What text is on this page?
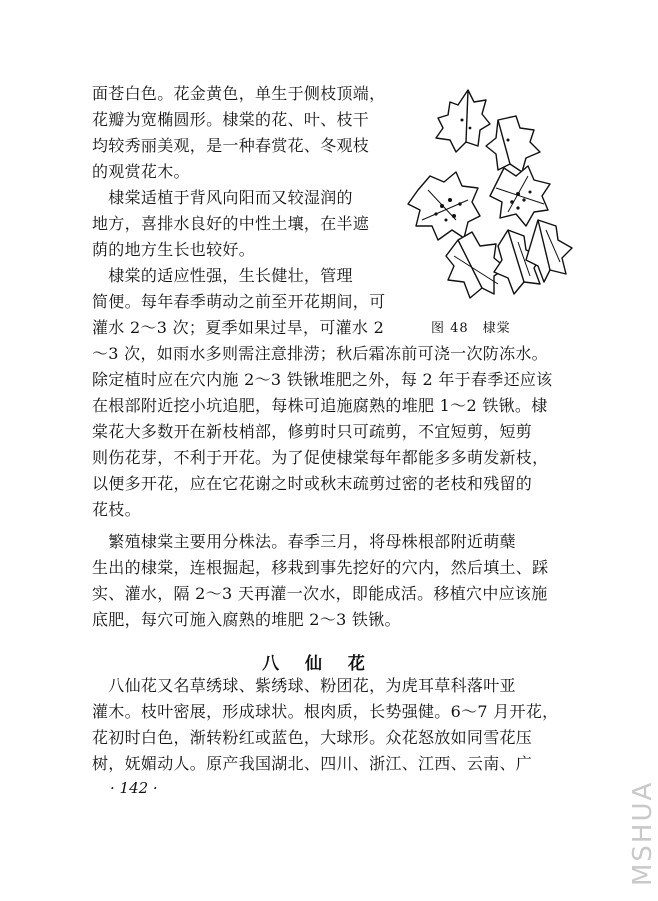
图 48　棣棠
面苍白色。花金黄色，单生于侧枝顶端，
花瓣为宽椭圆形。棣棠的花、叶、枝干
均较秀丽美观，是一种春赏花、冬观枝
的观赏花木。
　棣棠适植于背风向阳而又较湿润的
地方，喜排水良好的中性土壤，在半遮
荫的地方生长也较好。
　棣棠的适应性强，生长健壮，管理
简便。每年春季萌动之前至开花期间，可
灌水 2～3 次；夏季如果过旱，可灌水 2
～3 次，如雨水多则需注意排涝；秋后霜冻前可浇一次防冻水。
除定植时应在穴内施 2～3 铁锹堆肥之外，每 2 年于春季还应该
在根部附近挖小坑追肥，每株可追施腐熟的堆肥 1～2 铁锹。棣
棠花大多数开在新枝梢部，修剪时只可疏剪，不宜短剪，短剪
则伤花芽，不利于开花。为了促使棣棠每年都能多多萌发新枝，
以便多开花，应在它花谢之时或秋末疏剪过密的老枝和残留的
花枝。
　繁殖棣棠主要用分株法。春季三月，将母株根部附近萌蘖
生出的棣棠，连根掘起，移栽到事先挖好的穴内，然后填土、踩
实、灌水，隔 2～3 天再灌一次水，即能成活。移植穴中应该施
底肥，每穴可施入腐熟的堆肥 2～3 铁锹。
八 仙 花
　八仙花又名草绣球、紫绣球、粉团花，为虎耳草科落叶亚
灌木。枝叶密展，形成球状。根肉质，长势强健。6～7 月开花，
花初时白色，渐转粉红或蓝色，大球形。众花怒放如同雪花压
树，妩媚动人。原产我国湖北、四川、浙江、江西、云南、广
· 142 ·	MSHUA
